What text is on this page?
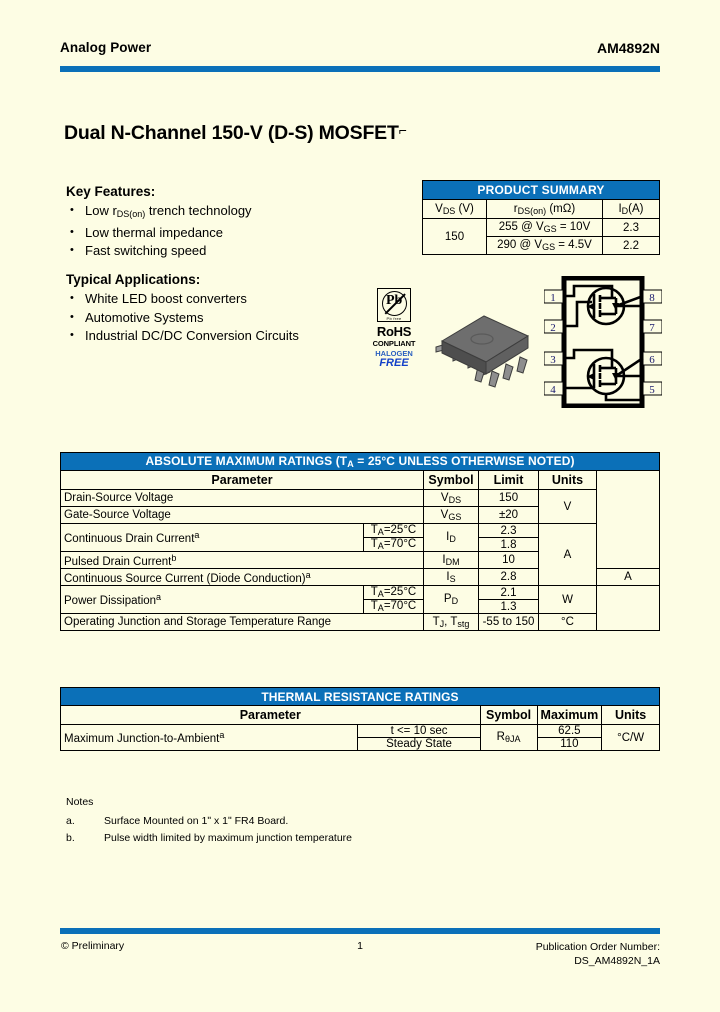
Analog Power	AM4892N
Dual N-Channel 150-V (D-S) MOSFET⌐
Key Features:
• Low $r_{DS(on)}$ trench technology
• Low thermal impedance
• Fast switching speed
Typical Applications:
• White LED boost converters
• Automotive Systems
• Industrial DC/DC Conversion Circuits
PRODUCT SUMMARY		
$V_{DS}$ (V)	$r_{DS(on)}$ (mΩ)	$I_D(A)$
150	255 @ $V_{GS} = 10V$	2.3
	290 @ $V_{GS} = 4.5V$	2.2
Pb
Pb free
RoHS
CONPLIANT
HALOGEN
FREE
1
2
3
4
8
7
6
5
ABSOLUTE MAXIMUM RATINGS ($T_A = 25^\circ C$ UNLESS OTHERWISE NOTED)					
Parameter		Symbol	Limit	Units	
Drain-Source Voltage		$V_{DS}$	150	V	
Gate-Source Voltage		$V_{GS}$	±20		
Continuous Drain Current$^a$	$T_A=25^\circ C$	$I_D$	2.3	A	
	$T_A=70^\circ C$		1.8		
Pulsed Drain Current$^b$		$I_{DM}$	10		
Continuous Source Current (Diode Conduction)$^a$		$I_S$	2.8		A
Power Dissipation$^a$	$T_A=25^\circ C$	$P_D$	2.1	W	
	$T_A=70^\circ C$		1.3		
Operating Junction and Storage Temperature Range		$T_J$, $T_{stg}$	-55 to 150	°C	
THERMAL RESISTANCE RATINGS				
Parameter		Symbol	Maximum	Units
Maximum Junction-to-Ambient$^a$	t <= 10 sec	$R_{\theta JA}$	62.5	°C/W
	Steady State		110	
Notes
a.	Surface Mounted on 1ʺ x 1ʺ FR4 Board.
b.	Pulse width limited by maximum junction temperature
© Preliminary	1	Publication Order Number:
DS_AM4892N_1A
